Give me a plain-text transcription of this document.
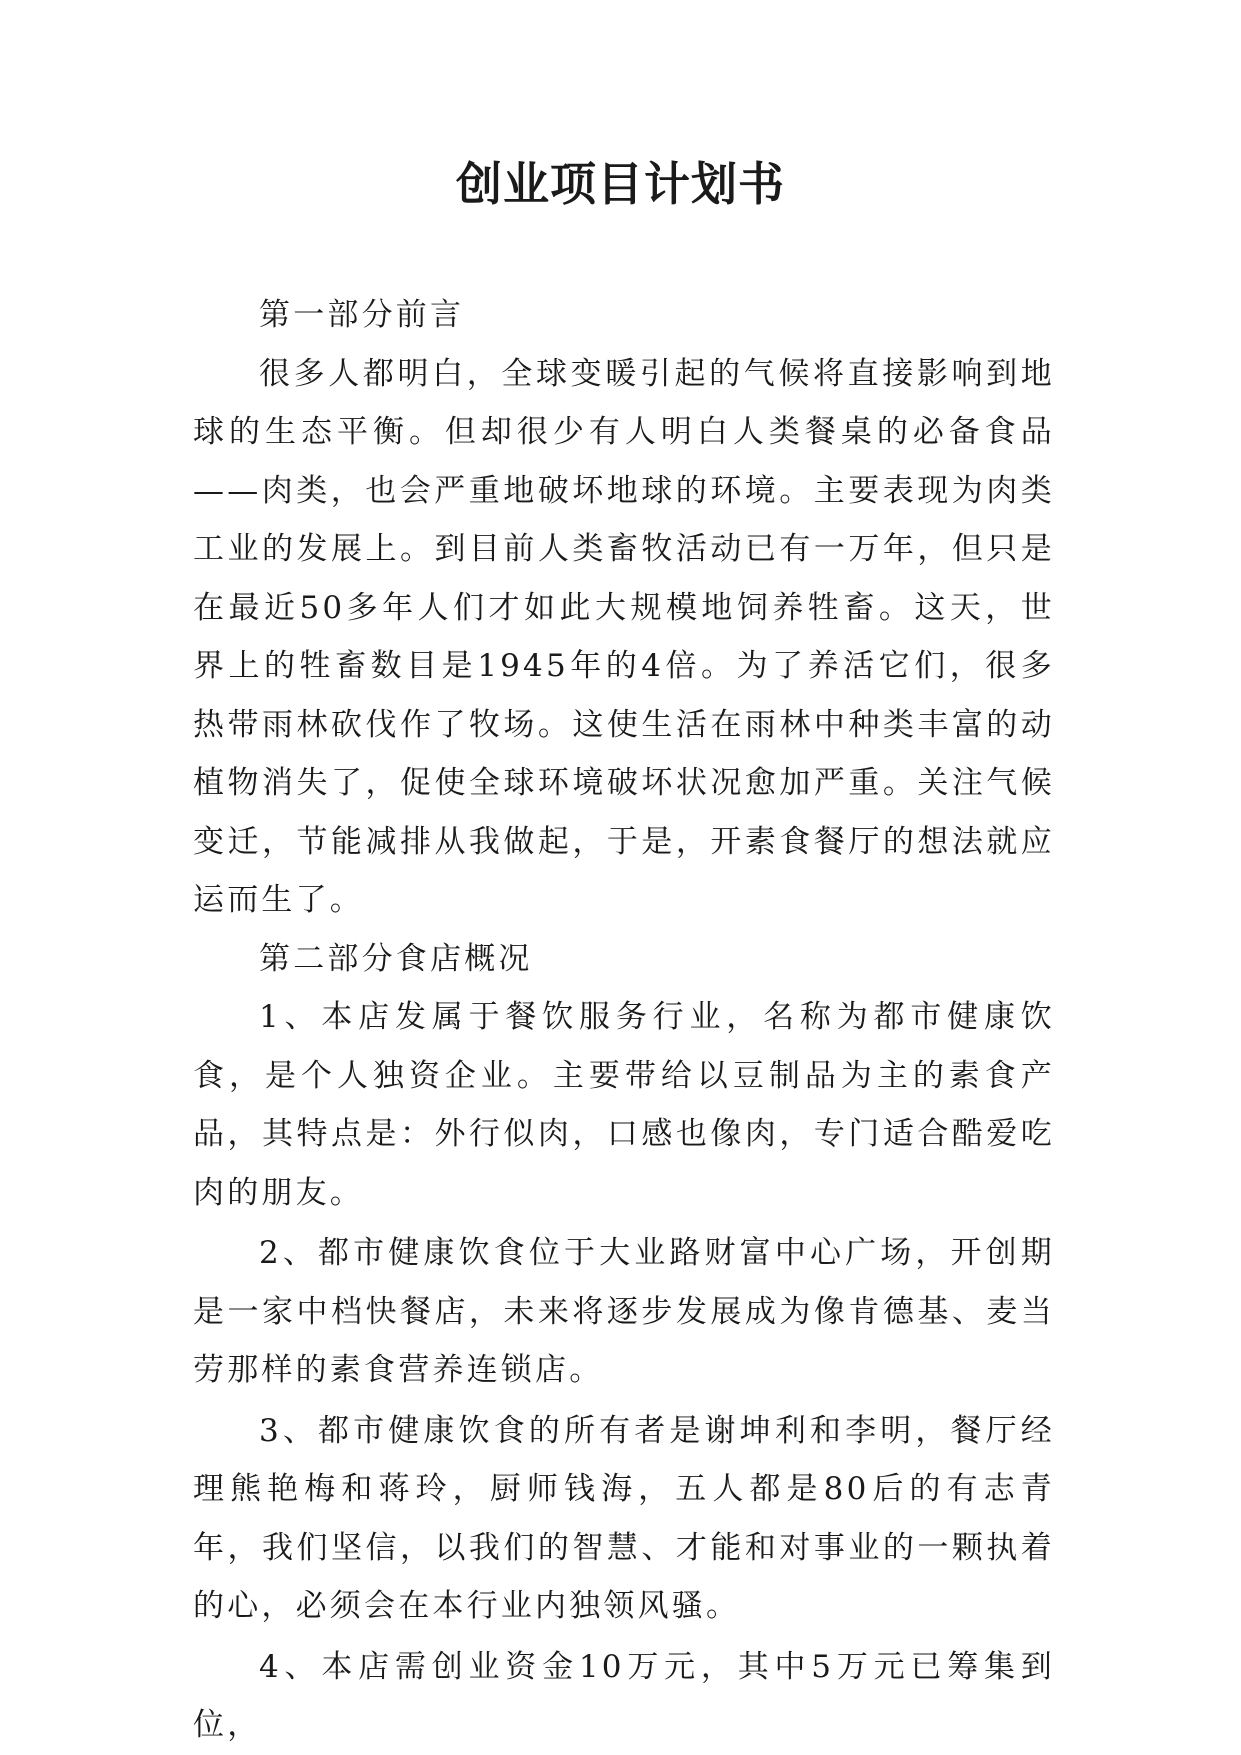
创业项目计划书

第一部分前言

很多人都明白，全球变暖引起的气候将直接影响到地球的生态平衡。但却很少有人明白人类餐桌的必备食品——肉类，也会严重地破坏地球的环境。主要表现为肉类工业的发展上。到目前人类畜牧活动已有一万年，但只是在最近50多年人们才如此大规模地饲养牲畜。这天，世界上的牲畜数目是1945年的4倍。为了养活它们，很多热带雨林砍伐作了牧场。这使生活在雨林中种类丰富的动植物消失了，促使全球环境破坏状况愈加严重。关注气候变迁，节能减排从我做起，于是，开素食餐厅的想法就应运而生了。

第二部分食店概况

1、本店发属于餐饮服务行业，名称为都市健康饮食，是个人独资企业。主要带给以豆制品为主的素食产品，其特点是：外行似肉，口感也像肉，专门适合酷爱吃肉的朋友。

2、都市健康饮食位于大业路财富中心广场，开创期是一家中档快餐店，未来将逐步发展成为像肯德基、麦当劳那样的素食营养连锁店。

3、都市健康饮食的所有者是谢坤利和李明，餐厅经理熊艳梅和蒋玲，厨师钱海，五人都是80后的有志青年，我们坚信，以我们的智慧、才能和对事业的一颗执着的心，必须会在本行业内独领风骚。

4、本店需创业资金10万元，其中5万元已筹集到位，
